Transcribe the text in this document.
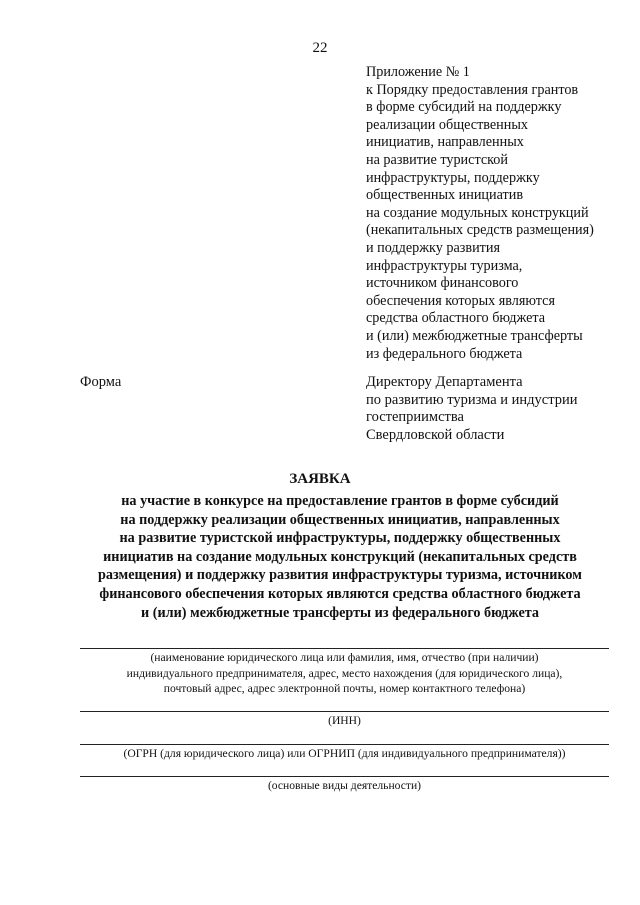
22
Приложение № 1
к Порядку предоставления грантов
в форме субсидий на поддержку
реализации общественных
инициатив, направленных
на развитие туристской
инфраструктуры, поддержку
общественных инициатив
на создание модульных конструкций
(некапитальных средств размещения)
и поддержку развития
инфраструктуры туризма,
источником финансового
обеспечения которых являются
средства областного бюджета
и (или) межбюджетные трансферты
из федерального бюджета
Форма	Директору Департамента
по развитию туризма и индустрии
гостеприимства
Свердловской области
ЗАЯВКА
на участие в конкурсе на предоставление грантов в форме субсидий
на поддержку реализации общественных инициатив, направленных
на развитие туристской инфраструктуры, поддержку общественных
инициатив на создание модульных конструкций (некапитальных средств
размещения) и поддержку развития инфраструктуры туризма, источником
финансового обеспечения которых являются средства областного бюджета
и (или) межбюджетные трансферты из федерального бюджета
(наименование юридического лица или фамилия, имя, отчество (при наличии)
индивидуального предпринимателя, адрес, место нахождения (для юридического лица),
почтовый адрес, адрес электронной почты, номер контактного телефона)
(ИНН)
(ОГРН (для юридического лица) или ОГРНИП (для индивидуального предпринимателя))
(основные виды деятельности)
